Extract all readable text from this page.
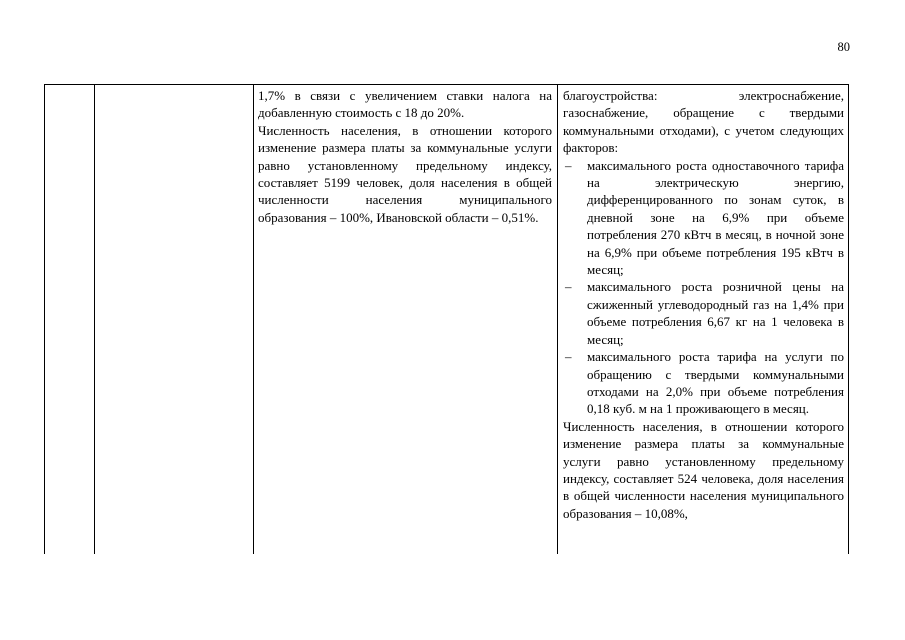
80

1,7% в связи с увеличением ставки налога на добавленную стоимость с 18 до 20%.

Численность населения, в отношении которого изменение размера платы за коммунальные услуги равно установленному предельному индексу, составляет 5199 человек, доля населения в общей численности населения муниципального образования – 100%, Ивановской области – 0,51%.

благоустройства: электроснабжение, газоснабжение, обращение с твердыми коммунальными отходами), с учетом следующих факторов:

– максимального роста одноставочного тарифа на электрическую энергию, дифференцированного по зонам суток, в дневной зоне на 6,9% при объеме потребления 270 кВтч в месяц, в ночной зоне на 6,9% при объеме потребления 195 кВтч в месяц;
– максимального роста розничной цены на сжиженный углеводородный газ на 1,4% при объеме потребления 6,67 кг на 1 человека в месяц;
– максимального роста тарифа на услуги по обращению с твердыми коммунальными отходами на 2,0% при объеме потребления 0,18 куб. м на 1 проживающего в месяц.

Численность населения, в отношении которого изменение размера платы за коммунальные услуги равно установленному предельному индексу, составляет 524 человека, доля населения в общей численности населения муниципального образования – 10,08%,
